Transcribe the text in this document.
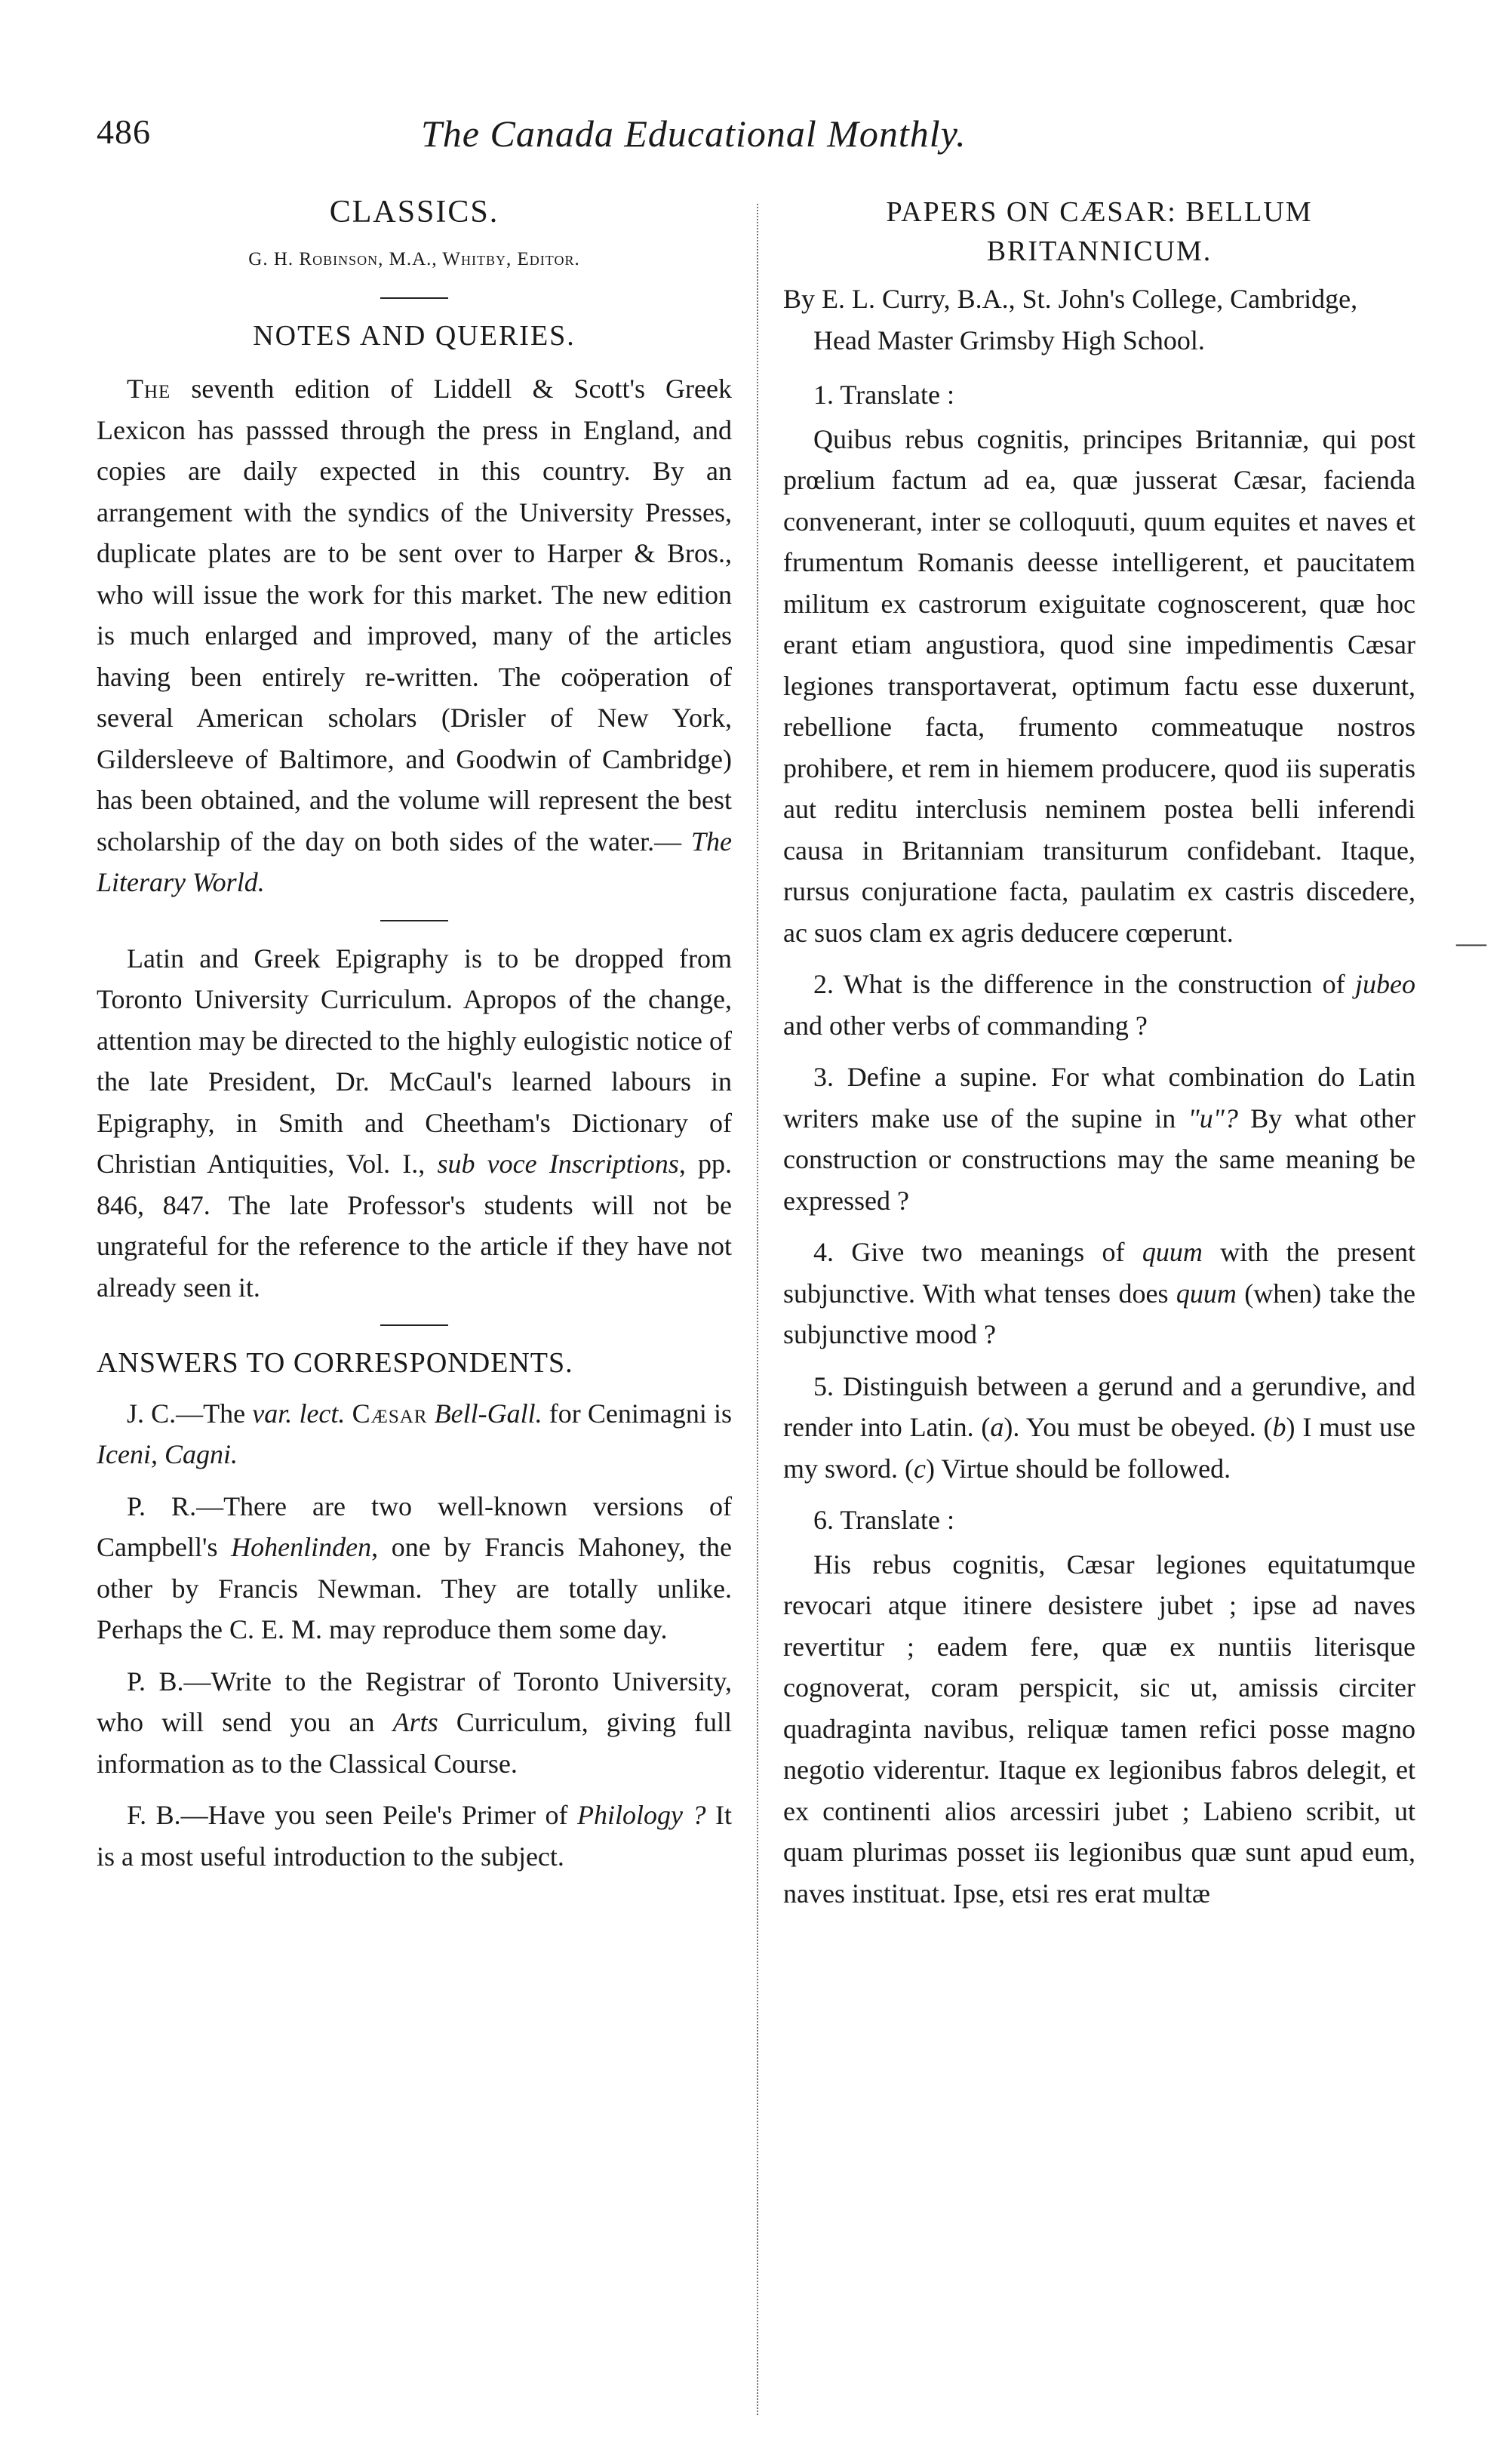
486	The Canada Educational Monthly.
CLASSICS.
G. H. Robinson, M.A., Whitby, Editor.
NOTES AND QUERIES.

The seventh edition of Liddell & Scott's Greek Lexicon has passsed through the press in England, and copies are daily expected in this country. By an arrangement with the syndics of the University Presses, duplicate plates are to be sent over to Harper & Bros., who will issue the work for this market. The new edition is much enlarged and improved, many of the articles having been entirely re-written. The coöperation of several American scholars (Drisler of New York, Gildersleeve of Baltimore, and Goodwin of Cambridge) has been obtained, and the volume will represent the best scholarship of the day on both sides of the water.— The Literary World.

Latin and Greek Epigraphy is to be dropped from Toronto University Curriculum. Apropos of the change, attention may be directed to the highly eulogistic notice of the late President, Dr. McCaul's learned labours in Epigraphy, in Smith and Cheetham's Dictionary of Christian Antiquities, Vol. I., sub voce Inscriptions, pp. 846, 847. The late Professor's students will not be ungrateful for the reference to the article if they have not already seen it.

ANSWERS TO CORRESPONDENTS.

J. C.—The var. lect. Cæsar Bell-Gall. for Cenimagni is Iceni, Cagni.

P. R.—There are two well-known versions of Campbell's Hohenlinden, one by Francis Mahoney, the other by Francis Newman. They are totally unlike. Perhaps the C. E. M. may reproduce them some day.

P. B.—Write to the Registrar of Toronto University, who will send you an Arts Curriculum, giving full information as to the Classical Course.

F. B.—Have you seen Peile's Primer of Philology ? It is a most useful introduction to the subject.

PAPERS ON CÆSAR: BELLUM BRITANNICUM.

By E. L. Curry, B.A., St. John's College, Cambridge, Head Master Grimsby High School.

1. Translate :

Quibus rebus cognitis, principes Britanniæ, qui post prœlium factum ad ea, quæ jusserat Cæsar, facienda convenerant, inter se colloquuti, quum equites et naves et frumentum Romanis deesse intelligerent, et paucitatem militum ex castrorum exiguitate cognoscerent, quæ hoc erant etiam angustiora, quod sine impedimentis Cæsar legiones transportaverat, optimum factu esse duxerunt, rebellione facta, frumento commeatuque nostros prohibere, et rem in hiemem producere, quod iis superatis aut reditu interclusis neminem postea belli inferendi causa in Britanniam transiturum confidebant. Itaque, rursus conjuratione facta, paulatim ex castris discedere, ac suos clam ex agris deducere cœperunt.

2. What is the difference in the construction of jubeo and other verbs of commanding ?

3. Define a supine. For what combination do Latin writers make use of the supine in "u"? By what other construction or constructions may the same meaning be expressed ?

4. Give two meanings of quum with the present subjunctive. With what tenses does quum (when) take the subjunctive mood ?

5. Distinguish between a gerund and a gerundive, and render into Latin. (a). You must be obeyed. (b) I must use my sword. (c) Virtue should be followed.

6. Translate :

His rebus cognitis, Cæsar legiones equitatumque revocari atque itinere desistere jubet ; ipse ad naves revertitur ; eadem fere, quæ ex nuntiis literisque cognoverat, coram perspicit, sic ut, amissis circiter quadraginta navibus, reliquæ tamen refici posse magno negotio viderentur. Itaque ex legionibus fabros delegit, et ex continenti alios arcessiri jubet ; Labieno scribit, ut quam plurimas posset iis legionibus quæ sunt apud eum, naves instituat. Ipse, etsi res erat multæ

—
